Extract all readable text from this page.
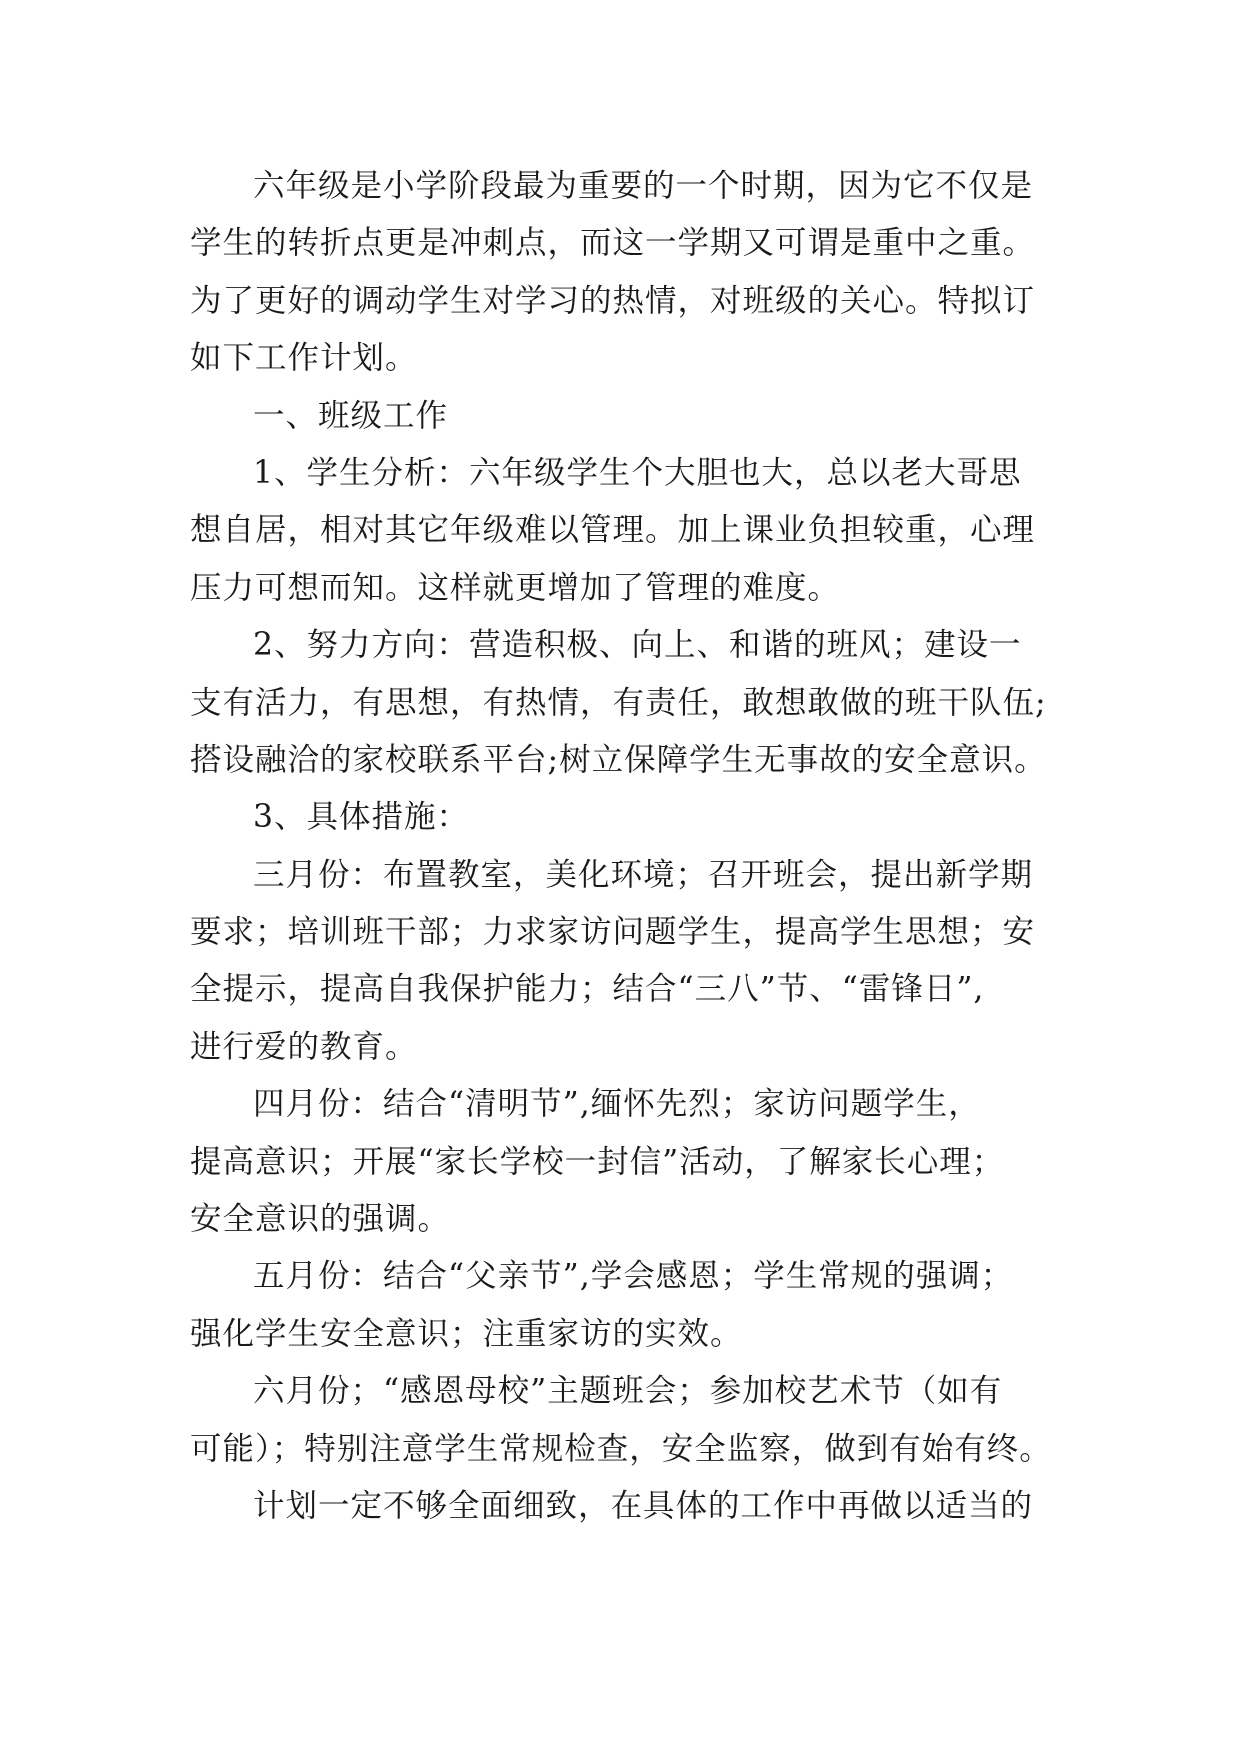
六年级是小学阶段最为重要的一个时期，因为它不仅是
学生的转折点更是冲刺点，而这一学期又可谓是重中之重。
为了更好的调动学生对学习的热情，对班级的关心。特拟订
如下工作计划。
一、班级工作
1、学生分析：六年级学生个大胆也大，总以老大哥思
想自居，相对其它年级难以管理。加上课业负担较重，心理
压力可想而知。这样就更增加了管理的难度。
2、努力方向：营造积极、向上、和谐的班风；建设一
支有活力，有思想，有热情，有责任，敢想敢做的班干队伍;
搭设融洽的家校联系平台;树立保障学生无事故的安全意识。
3、具体措施：
三月份：布置教室，美化环境；召开班会，提出新学期
要求；培训班干部；力求家访问题学生，提高学生思想；安
全提示，提高自我保护能力；结合“三八”节、“雷锋日”,
进行爱的教育。
四月份：结合“清明节”,缅怀先烈；家访问题学生，
提高意识；开展“家长学校一封信”活动，了解家长心理；
安全意识的强调。
五月份：结合“父亲节”,学会感恩；学生常规的强调；
强化学生安全意识；注重家访的实效。
六月份；“感恩母校”主题班会；参加校艺术节（如有
可能）；特别注意学生常规检查，安全监察，做到有始有终。
计划一定不够全面细致，在具体的工作中再做以适当的
